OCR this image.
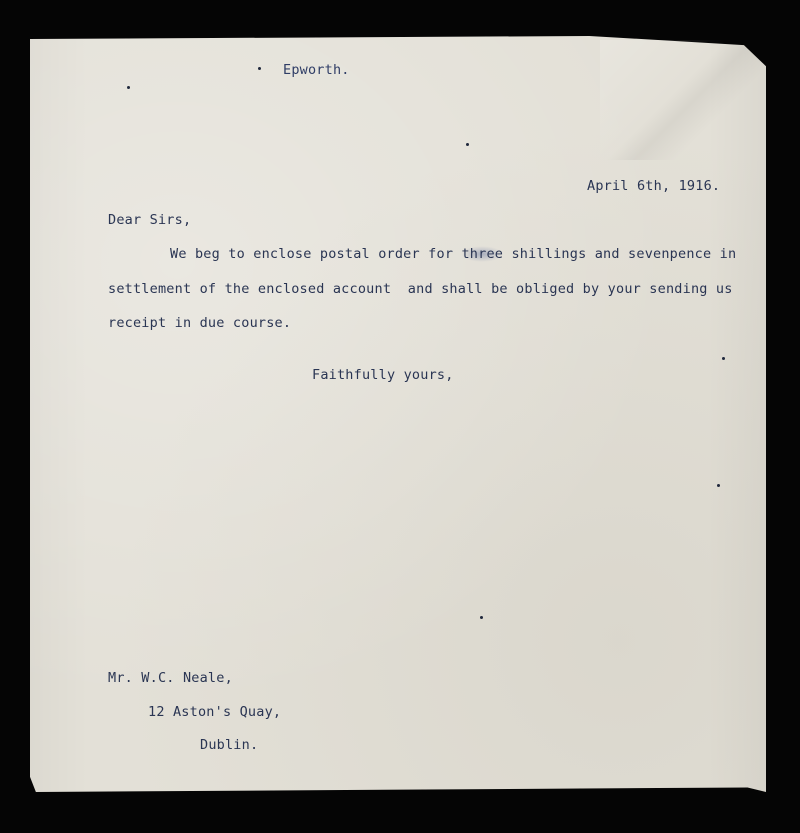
Epworth.
April 6th, 1916.
Dear Sirs,
We beg to enclose postal order for three shillings and sevenpence in
settlement of the enclosed account  and shall be obliged by your sending us
receipt in due course.
Faithfully yours,
Mr. W.C. Neale,
12 Aston's Quay,
Dublin.
